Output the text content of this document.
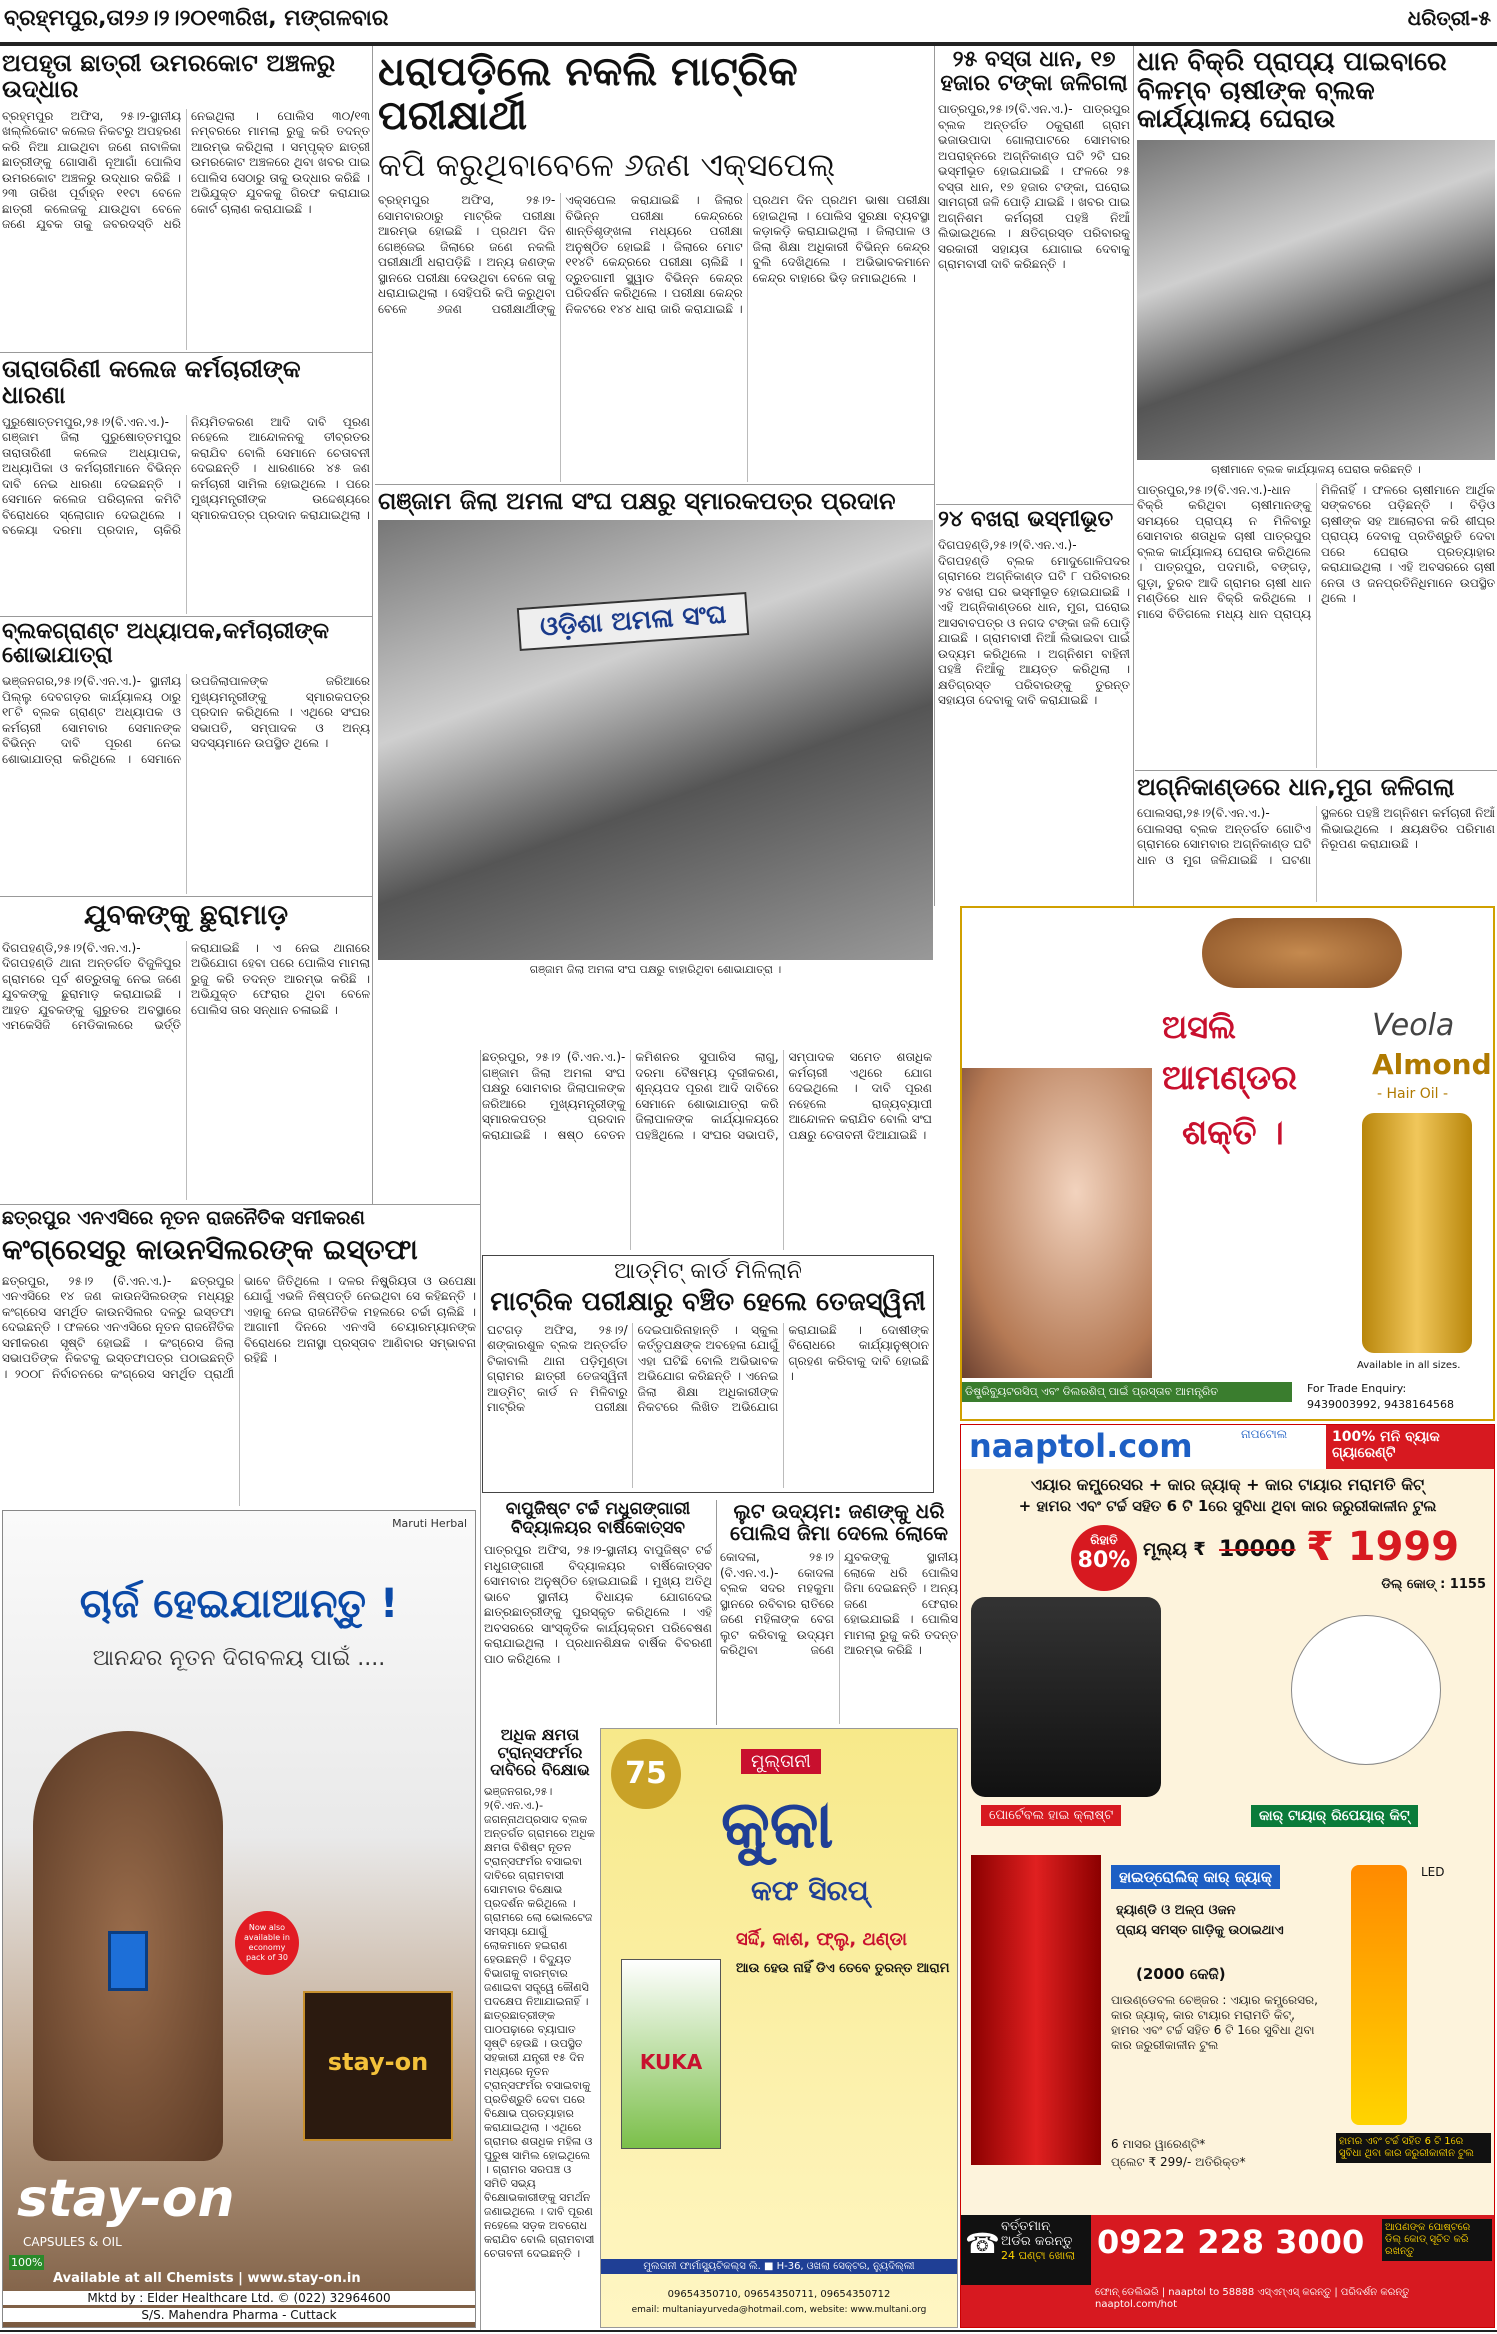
ବ୍ରହ୍ମପୁର,ତା୨୬।୨।୨୦୧୩ରିଖ, ମଙ୍ଗଳବାର	ଧରିତ୍ରୀ-୫
ଅପହୃତା ଛାତ୍ରୀ ଉମରକୋଟ ଅଞ୍ଚଳରୁ ଉଦ୍ଧାର
ବ୍ରହ୍ମପୁର ଅଫିସ, ୨୫।୨-ସ୍ଥାନୀୟ ଖଲ୍ଲିକୋଟ କଲେଜ ନିକଟରୁ ଅପହରଣ କରି ନିଆ ଯାଇଥିବା ଜଣେ ନାବାଳିକା ଛାତ୍ରୀଙ୍କୁ ଗୋସାଣି ନୂଆଗାଁ ପୋଲିସ ଉମରକୋଟ ଅଞ୍ଚଳରୁ ଉଦ୍ଧାର କରିଛି । ୨୩ ତାରିଖ ପୂର୍ବାହ୍ନ ୧୧ଟା ବେଳେ ଛାତ୍ରୀ କଲେଜକୁ ଯାଉଥିବା ବେଳେ ଜଣେ ଯୁବକ ତାକୁ ଜବରଦସ୍ତି ଧରି ନେଇଥିଲା । ପୋଲିସ ୩୦/୧୩ ନମ୍ବରରେ ମାମଲା ରୁଜୁ କରି ତଦନ୍ତ ଆରମ୍ଭ କରିଥିଲା । ସମ୍ପୃକ୍ତ ଛାତ୍ରୀ ଉମରକୋଟ ଅଞ୍ଚଳରେ ଥିବା ଖବର ପାଇ ପୋଲିସ ସେଠାରୁ ତାକୁ ଉଦ୍ଧାର କରିଛି । ଅଭିଯୁକ୍ତ ଯୁବକକୁ ଗିରଫ କରାଯାଇ କୋର୍ଟ ଚାଲାଣ କରାଯାଇଛି ।
ତାରାତାରିଣୀ କଲେଜ କର୍ମଚାରୀଙ୍କ ଧାରଣା
ପୁରୁଷୋତ୍ତମପୁର,୨୫।୨(ବି.ଏନ.ଏ.)- ଗଞ୍ଜାମ ଜିଲା ପୁରୁଷୋତ୍ତମପୁର ତାରାତାରିଣୀ କଲେଜ ଅଧ୍ୟାପକ, ଅଧ୍ୟାପିକା ଓ କର୍ମଚାରୀମାନେ ବିଭିନ୍ନ ଦାବି ନେଇ ଧାରଣା ଦେଇଛନ୍ତି । ସେମାନେ କଲେଜ ପରିଚାଳନା କମିଟି ବିରୋଧରେ ସ୍ଲୋଗାନ ଦେଇଥିଲେ । ବକେୟା ଦରମା ପ୍ରଦାନ, ଚାକିରି ନିୟମିତକରଣ ଆଦି ଦାବି ପୂରଣ ନହେଲେ ଆନ୍ଦୋଳନକୁ ତୀବ୍ରତର କରାଯିବ ବୋଲି ସେମାନେ ଚେତାବନୀ ଦେଇଛନ୍ତି । ଧାରଣାରେ ୪୫ ଜଣ କର୍ମଚାରୀ ସାମିଲ ହୋଇଥିଲେ । ପରେ ମୁଖ୍ୟମନ୍ତ୍ରୀଙ୍କ ଉଦ୍ଦେଶ୍ୟରେ ସ୍ମାରକପତ୍ର ପ୍ରଦାନ କରାଯାଇଥିଲା ।
ବ୍ଲକଗ୍ରାଣ୍ଟ ଅଧ୍ୟାପକ,କର୍ମଚାରୀଙ୍କ ଶୋଭାଯାତ୍ରା
ଭଞ୍ଜନଗର,୨୫।୨(ବି.ଏନ.ଏ.)- ସ୍ଥାନୀୟ ପିଲ୍ଲୁ ଦେବଗଡ଼ର କାର୍ଯ୍ୟାଳୟ ଠାରୁ ୧୮ଟି ବ୍ଲକ ଗ୍ରାଣ୍ଟ ଅଧ୍ୟାପକ ଓ କର୍ମଚାରୀ ସୋମବାର ସେମାନଙ୍କ ବିଭିନ୍ନ ଦାବି ପୂରଣ ନେଇ ଶୋଭାଯାତ୍ରା କରିଥିଲେ । ସେମାନେ ଉପଜିଲାପାଳଙ୍କ ଜରିଆରେ ମୁଖ୍ୟମନ୍ତ୍ରୀଙ୍କୁ ସ୍ମାରକପତ୍ର ପ୍ରଦାନ କରିଥିଲେ । ଏଥିରେ ସଂଘର ସଭାପତି, ସମ୍ପାଦକ ଓ ଅନ୍ୟ ସଦସ୍ୟମାନେ ଉପସ୍ଥିତ ଥିଲେ ।
ଯୁବକଙ୍କୁ ଛୁରାମାଡ଼
ଦିଗପହଣ୍ଡି,୨୫।୨(ବି.ଏନ.ଏ.)- ଦିଗପହଣ୍ଡି ଥାନା ଅନ୍ତର୍ଗତ ବିଜୁଳିପୁର ଗ୍ରାମରେ ପୂର୍ବ ଶତ୍ରୁତାକୁ ନେଇ ଜଣେ ଯୁବକଙ୍କୁ ଛୁରାମାଡ଼ କରାଯାଇଛି । ଆହତ ଯୁବକଙ୍କୁ ଗୁରୁତର ଅବସ୍ଥାରେ ଏମକେସିଜି ମେଡିକାଲରେ ଭର୍ତ୍ତି କରାଯାଇଛି । ଏ ନେଇ ଥାନାରେ ଅଭିଯୋଗ ହେବା ପରେ ପୋଲିସ ମାମଲା ରୁଜୁ କରି ତଦନ୍ତ ଆରମ୍ଭ କରିଛି । ଅଭିଯୁକ୍ତ ଫେରାର ଥିବା ବେଳେ ପୋଲିସ ତାର ସନ୍ଧାନ ଚଳାଇଛି ।
ଛତ୍ରପୁର ଏନଏସିରେ ନୂତନ ରାଜନୈତିକ ସମୀକରଣ
କଂଗ୍ରେସରୁ କାଉନସିଲରଙ୍କ ଇସ୍ତଫା
ଛତ୍ରପୁର, ୨୫।୨ (ବି.ଏନ.ଏ.)- ଛତ୍ରପୁର ଏନଏସିରେ ୧୪ ଜଣ କାଉନସିଲରଙ୍କ ମଧ୍ୟରୁ କଂଗ୍ରେସ ସମର୍ଥିତ କାଉନସିଲର ଦଳରୁ ଇସ୍ତଫା ଦେଇଛନ୍ତି । ଫଳରେ ଏନଏସିରେ ନୂତନ ରାଜନୈତିକ ସମୀକରଣ ସୃଷ୍ଟି ହୋଇଛି । କଂଗ୍ରେସ ଜିଲା ସଭାପତିଙ୍କ ନିକଟକୁ ଇସ୍ତଫାପତ୍ର ପଠାଇଛନ୍ତି । ୨୦୦୮ ନିର୍ବାଚନରେ କଂଗ୍ରେସ ସମର୍ଥିତ ପ୍ରାର୍ଥୀ ଭାବେ ଜିତିଥିଲେ । ଦଳର ନିଷ୍କ୍ରିୟତା ଓ ଉପେକ୍ଷା ଯୋଗୁଁ ଏଭଳି ନିଷ୍ପତ୍ତି ନେଇଥିବା ସେ କହିଛନ୍ତି । ଏହାକୁ ନେଇ ରାଜନୈତିକ ମହଲରେ ଚର୍ଚ୍ଚା ଚାଲିଛି । ଆଗାମୀ ଦିନରେ ଏନଏସି ଚେୟାରମ୍ୟାନଙ୍କ ବିରୋଧରେ ଅନାସ୍ଥା ପ୍ରସ୍ତାବ ଆଣିବାର ସମ୍ଭାବନା ରହିଛି ।
Maruti Herbal
ଚାର୍ଜ ହେଇଯାଆନ୍ତୁ !
ଆନନ୍ଦର ନୂତନ ଦିଗବଳୟ ପାଇଁ ....
Now also available in economy pack of 30
stay-on
stay-on
CAPSULES & OIL
100%
Available at all Chemists | www.stay-on.in
Mktd by : Elder Healthcare Ltd. © (022) 32964600
S/S. Mahendra Pharma - Cuttack
ଧରାପଡ଼ିଲେ ନକଲି ମାଟ୍ରିକ ପରୀକ୍ଷାର୍ଥୀ
କପି କରୁଥିବାବେଳେ ୬ଜଣ ଏକ୍ସପେଲ୍
ବ୍ରହ୍ମପୁର ଅଫିସ, ୨୫।୨- ସୋମବାରଠାରୁ ମାଟ୍ରିକ ପରୀକ୍ଷା ଆରମ୍ଭ ହୋଇଛି । ପ୍ରଥମ ଦିନ ଗେଞ୍ଜେଇ ଜିଲାରେ ଜଣେ ନକଲି ପରୀକ୍ଷାର୍ଥୀ ଧରାପଡ଼ିଛି । ଅନ୍ୟ ଜଣଙ୍କ ସ୍ଥାନରେ ପରୀକ୍ଷା ଦେଉଥିବା ବେଳେ ତାକୁ ଧରାଯାଇଥିଲା । ସେହିପରି କପି କରୁଥିବା ବେଳେ ୬ଜଣ ପରୀକ୍ଷାର୍ଥୀଙ୍କୁ ଏକ୍ସପେଲ କରାଯାଇଛି । ଜିଲାର ବିଭିନ୍ନ ପରୀକ୍ଷା କେନ୍ଦ୍ରରେ ଶାନ୍ତିଶୃଙ୍ଖଳା ମଧ୍ୟରେ ପରୀକ୍ଷା ଅନୁଷ୍ଠିତ ହୋଇଛି । ଜିଲାରେ ମୋଟ ୧୧୪ଟି କେନ୍ଦ୍ରରେ ପରୀକ୍ଷା ଚାଲିଛି । ଦ୍ରୁତଗାମୀ ସ୍କ୍ୱାଡ ବିଭିନ୍ନ କେନ୍ଦ୍ର ପରିଦର୍ଶନ କରିଥିଲେ । ପରୀକ୍ଷା କେନ୍ଦ୍ର ନିକଟରେ ୧୪୪ ଧାରା ଜାରି କରାଯାଇଛି । ପ୍ରଥମ ଦିନ ପ୍ରଥମ ଭାଷା ପରୀକ୍ଷା ହୋଇଥିଲା । ପୋଲିସ ସୁରକ୍ଷା ବ୍ୟବସ୍ଥା କଡ଼ାକଡ଼ି କରାଯାଇଥିଲା । ଜିଲାପାଳ ଓ ଜିଲା ଶିକ୍ଷା ଅଧିକାରୀ ବିଭିନ୍ନ କେନ୍ଦ୍ର ବୁଲି ଦେଖିଥିଲେ । ଅଭିଭାବକମାନେ କେନ୍ଦ୍ର ବାହାରେ ଭିଡ଼ ଜମାଇଥିଲେ ।
ଗଞ୍ଜାମ ଜିଲା ଅମଳା ସଂଘ ପକ୍ଷରୁ ସ୍ମାରକପତ୍ର ପ୍ରଦାନ
ଓଡ଼ିଶା ଅମଳା ସଂଘ
ଗଞ୍ଜାମ ଜିଲା ଅମଳା ସଂଘ ପକ୍ଷରୁ ବାହାରିଥିବା ଶୋଭାଯାତ୍ରା ।
ଛତ୍ରପୁର, ୨୫।୨ (ବି.ଏନ.ଏ.)- ଗଞ୍ଜାମ ଜିଲା ଅମଳା ସଂଘ ପକ୍ଷରୁ ସୋମବାର ଜିଲାପାଳଙ୍କ ଜରିଆରେ ମୁଖ୍ୟମନ୍ତ୍ରୀଙ୍କୁ ସ୍ମାରକପତ୍ର ପ୍ରଦାନ କରାଯାଇଛି । ଷଷ୍ଠ ବେତନ କମିଶନର ସୁପାରିସ ଲାଗୁ, ଦରମା ବୈଷମ୍ୟ ଦୂରୀକରଣ, ଶୂନ୍ୟପଦ ପୂରଣ ଆଦି ଦାବିରେ ସେମାନେ ଶୋଭାଯାତ୍ରା କରି ଜିଲାପାଳଙ୍କ କାର୍ଯ୍ୟାଳୟରେ ପହଞ୍ଚିଥିଲେ । ସଂଘର ସଭାପତି, ସମ୍ପାଦକ ସମେତ ଶତାଧିକ କର୍ମଚାରୀ ଏଥିରେ ଯୋଗ ଦେଇଥିଲେ । ଦାବି ପୂରଣ ନହେଲେ ରାଜ୍ୟବ୍ୟାପୀ ଆନ୍ଦୋଳନ କରାଯିବ ବୋଲି ସଂଘ ପକ୍ଷରୁ ଚେତାବନୀ ଦିଆଯାଇଛି ।
ଆଡ୍‌ମିଟ୍ କାର୍ଡ ମିଳିଲାନି
ମାଟ୍ରିକ ପରୀକ୍ଷାରୁ ବଞ୍ଚିତ ହେଲେ ତେଜସ୍ୱିନୀ
ଘଟଗଡ଼ ଅଫିସ, ୨୫।୨/ ଶଙ୍କାରଶୁଳ ବ୍ଲକ ଅନ୍ତର୍ଗତ ଟିକାବାଲି ଥାନା ପଡ଼ିମୁଣ୍ଡା ଗ୍ରାମର ଛାତ୍ରୀ ତେଜସ୍ୱିନୀ ଆଡ୍‌ମିଟ୍ କାର୍ଡ ନ ମିଳିବାରୁ ମାଟ୍ରିକ ପରୀକ୍ଷା ଦେଇପାରିନାହାନ୍ତି । ସ୍କୁଲ କର୍ତ୍ତୃପକ୍ଷଙ୍କ ଅବହେଳା ଯୋଗୁଁ ଏହା ଘଟିଛି ବୋଲି ଅଭିଭାବକ ଅଭିଯୋଗ କରିଛନ୍ତି । ଏନେଇ ଜିଲା ଶିକ୍ଷା ଅଧିକାରୀଙ୍କ ନିକଟରେ ଲିଖିତ ଅଭିଯୋଗ କରାଯାଇଛି । ଦୋଷୀଙ୍କ ବିରୋଧରେ କାର୍ଯ୍ୟାନୁଷ୍ଠାନ ଗ୍ରହଣ କରିବାକୁ ଦାବି ହୋଇଛି ।
ବାପୁଜିଷ୍ଟ ଟର୍ଚ୍ଚ ମଧୁଗଙ୍ଗାରୀ ବିଦ୍ୟାଳୟର ବାର୍ଷିକୋତ୍ସବ
ପାତ୍ରପୁର ଅଫିସ, ୨୫।୨-ସ୍ଥାନୀୟ ବାପୁଜିଷ୍ଟ ଟର୍ଚ୍ଚ ମଧୁଗଙ୍ଗାରୀ ବିଦ୍ୟାଳୟର ବାର୍ଷିକୋତ୍ସବ ସୋମବାର ଅନୁଷ୍ଠିତ ହୋଇଯାଇଛି । ମୁଖ୍ୟ ଅତିଥି ଭାବେ ସ୍ଥାନୀୟ ବିଧାୟକ ଯୋଗଦେଇ ଛାତ୍ରଛାତ୍ରୀଙ୍କୁ ପୁରସ୍କୃତ କରିଥିଲେ । ଏହି ଅବସରରେ ସାଂସ୍କୃତିକ କାର୍ଯ୍ୟକ୍ରମ ପରିବେଷଣ କରାଯାଇଥିଲା । ପ୍ରଧାନଶିକ୍ଷକ ବାର୍ଷିକ ବିବରଣୀ ପାଠ କରିଥିଲେ ।
ଅଧିକ କ୍ଷମତା ଟ୍ରାନ୍ସଫର୍ମର ଦାବିରେ ବିକ୍ଷୋଭ
ଭଞ୍ଜନଗର,୨୫।୨(ବି.ଏନ.ଏ.)- ଜଗନ୍ନାଥପ୍ରସାଦ ବ୍ଲକ ଅନ୍ତର୍ଗତ ଗ୍ରାମରେ ଅଧିକ କ୍ଷମତା ବିଶିଷ୍ଟ ନୂତନ ଟ୍ରାନ୍ସଫର୍ମର ବସାଇବା ଦାବିରେ ଗ୍ରାମବାସୀ ସୋମବାର ବିକ୍ଷୋଭ ପ୍ରଦର୍ଶନ କରିଥିଲେ । ଗ୍ରାମରେ ଲୋ ଭୋଲଟେଜ ସମସ୍ୟା ଯୋଗୁଁ ଲୋକମାନେ ହଇରାଣ ହେଉଛନ୍ତି । ବିଦ୍ୟୁତ ବିଭାଗକୁ ବାରମ୍ବାର ଜଣାଇବା ସତ୍ତ୍ୱେ କୌଣସି ପଦକ୍ଷେପ ନିଆଯାଇନାହିଁ । ଛାତ୍ରଛାତ୍ରୀଙ୍କ ପାଠପଢ଼ାରେ ବ୍ୟାଘାତ ସୃଷ୍ଟି ହେଉଛି । ଉପସ୍ଥିତ ସହକାରୀ ଯନ୍ତ୍ରୀ ୧୫ ଦିନ ମଧ୍ୟରେ ନୂତନ ଟ୍ରାନ୍ସଫର୍ମର ବସାଇବାକୁ ପ୍ରତିଶ୍ରୁତି ଦେବା ପରେ ବିକ୍ଷୋଭ ପ୍ରତ୍ୟାହାର କରାଯାଇଥିଲା । ଏଥିରେ ଗ୍ରାମର ଶତାଧିକ ମହିଳା ଓ ପୁରୁଷ ସାମିଲ ହୋଇଥିଲେ । ଗ୍ରାମର ସରପଞ୍ଚ ଓ ସମିତି ସଭ୍ୟ ବିକ୍ଷୋଭକାରୀଙ୍କୁ ସମର୍ଥନ ଜଣାଇଥିଲେ । ଦାବି ପୂରଣ ନହେଲେ ସଡ଼କ ଅବରୋଧ କରାଯିବ ବୋଲି ଗ୍ରାମବାସୀ ଚେତାବନୀ ଦେଇଛନ୍ତି ।
ଲୁଟ ଉଦ୍ୟମ: ଜଣଙ୍କୁ ଧରି ପୋଲିସ ଜିମା ଦେଲେ ଲୋକେ
କୋଦଳା, ୨୫।୨ (ବି.ଏନ.ଏ.)- କୋଦଳା ବ୍ଲକ ସଦର ମହକୁମା ସ୍ଥାନରେ ରବିବାର ରାତିରେ ଜଣେ ମହିଳାଙ୍କ ବେଗ ଲୁଟ କରିବାକୁ ଉଦ୍ୟମ କରିଥିବା ଜଣେ ଯୁବକଙ୍କୁ ସ୍ଥାନୀୟ ଲୋକେ ଧରି ପୋଲିସ ଜିମା ଦେଇଛନ୍ତି । ଅନ୍ୟ ଜଣେ ଫେରାର ହୋଇଯାଇଛି । ପୋଲିସ ମାମଲା ରୁଜୁ କରି ତଦନ୍ତ ଆରମ୍ଭ କରିଛି ।
75	ମୁଲ୍ତାନୀ
କୁକା
କଫ ସିରପ୍
ସର୍ଦ୍ଦି, କାଶ, ଫ୍ଲୁ, ଥଣ୍ଡା
ଆଉ ହେଉ ନାହିଁ ଡିଏ ତେବେ ତୁରନ୍ତ ଆରାମ
KUKA
ମୁଲତାନୀ ଫାର୍ମାସ୍ୟୁଟିକଲ୍ସ ଲି. ■ H-36, ଓଖଲା ସେକ୍ଟର, ନ୍ୟୁଦିଲ୍ଲୀ
09654350710, 09654350711, 09654350712
email: multaniayurveda@hotmail.com, website: www.multani.org
୨୫ ବସ୍ତା ଧାନ, ୧୭ ହଜାର ଟଙ୍କା ଜଳିଗଲା
ପାତ୍ରପୁର,୨୫।୨(ବି.ଏନ.ଏ.)- ପାତ୍ରପୁର ବ୍ଲକ ଅନ୍ତର୍ଗତ ଠକୁରାଣୀ ଗ୍ରାମ ଭଜାଉପାଦା ଗୋଲାପାଟରେ ସୋମବାର ଅପରାହ୍ନରେ ଅଗ୍ନିକାଣ୍ଡ ଘଟି ୨ଟି ଘର ଭସ୍ମୀଭୂତ ହୋଇଯାଇଛି । ଫଳରେ ୨୫ ବସ୍ତା ଧାନ, ୧୭ ହଜାର ଟଙ୍କା, ଘରୋଇ ସାମଗ୍ରୀ ଜଳି ପୋଡ଼ି ଯାଇଛି । ଖବର ପାଇ ଅଗ୍ନିଶମ କର୍ମଚାରୀ ପହଞ୍ଚି ନିଆଁ ଲିଭାଇଥିଲେ । କ୍ଷତିଗ୍ରସ୍ତ ପରିବାରକୁ ସରକାରୀ ସହାୟତା ଯୋଗାଇ ଦେବାକୁ ଗ୍ରାମବାସୀ ଦାବି କରିଛନ୍ତି ।
୨୪ ବଖରା ଭସ୍ମୀଭୂତ
ଦିଗପହଣ୍ଡି,୨୫।୨(ବି.ଏନ.ଏ.)- ଦିଗପହଣ୍ଡି ବ୍ଲକ ମୋଦୁଗୋଳିପଦର ଗ୍ରାମରେ ଅଗ୍ନିକାଣ୍ଡ ଘଟି ୮ ପରିବାରର ୨୪ ବଖରା ଘର ଭସ୍ମୀଭୂତ ହୋଇଯାଇଛି । ଏହି ଅଗ୍ନିକାଣ୍ଡରେ ଧାନ, ମୁଗ, ଘରୋଇ ଆସବାବପତ୍ର ଓ ନଗଦ ଟଙ୍କା ଜଳି ପୋଡ଼ି ଯାଇଛି । ଗ୍ରାମବାସୀ ନିଆଁ ଲିଭାଇବା ପାଇଁ ଉଦ୍ୟମ କରିଥିଲେ । ଅଗ୍ନିଶମ ବାହିନୀ ପହଞ୍ଚି ନିଆଁକୁ ଆୟତ୍ତ କରିଥିଲା । କ୍ଷତିଗ୍ରସ୍ତ ପରିବାରଙ୍କୁ ତୁରନ୍ତ ସହାୟତା ଦେବାକୁ ଦାବି କରାଯାଇଛି ।
ଧାନ ବିକ୍ରି ପ୍ରାପ୍ୟ ପାଇବାରେ ବିଳମ୍ବ ଚାଷୀଙ୍କ ବ୍ଲକ କାର୍ଯ୍ୟାଳୟ ଘେରାଉ
ଚାଷୀମାନେ ବ୍ଲକ କାର୍ଯ୍ୟାଳୟ ଘେରାଉ କରିଛନ୍ତି ।
ପାତ୍ରପୁର,୨୫।୨(ବି.ଏନ.ଏ.)-ଧାନ ବିକ୍ରି କରିଥିବା ଚାଷୀମାନଙ୍କୁ ସମୟରେ ପ୍ରାପ୍ୟ ନ ମିଳିବାରୁ ସୋମବାର ଶତାଧିକ ଚାଷୀ ପାତ୍ରପୁର ବ୍ଲକ କାର୍ଯ୍ୟାଳୟ ଘେରାଉ କରିଥିଲେ । ପାତ୍ରପୁର, ପଦମାରି, ବଙ୍ଗଡ଼, ଗୁଡ଼ା, ତୁରବ ଆଦି ଗ୍ରାମର ଚାଷୀ ଧାନ ମଣ୍ଡିରେ ଧାନ ବିକ୍ରି କରିଥିଲେ । ମାସେ ବିତିଗଲେ ମଧ୍ୟ ଧାନ ପ୍ରାପ୍ୟ ମିଳିନାହିଁ । ଫଳରେ ଚାଷୀମାନେ ଆର୍ଥିକ ସଙ୍କଟରେ ପଡ଼ିଛନ୍ତି । ବିଡ଼ିଓ ଚାଷୀଙ୍କ ସହ ଆଲୋଚନା କରି ଶୀଘ୍ର ପ୍ରାପ୍ୟ ଦେବାକୁ ପ୍ରତିଶ୍ରୁତି ଦେବା ପରେ ଘେରାଉ ପ୍ରତ୍ୟାହାର କରାଯାଇଥିଲା । ଏହି ଅବସରରେ ଚାଷୀ ନେତା ଓ ଜନପ୍ରତିନିଧିମାନେ ଉପସ୍ଥିତ ଥିଲେ ।
ଅଗ୍ନିକାଣ୍ଡରେ ଧାନ,ମୁଗ ଜଳିଗଲା
ପୋଲସରା,୨୫।୨(ବି.ଏନ.ଏ.)- ପୋଲସରା ବ୍ଲକ ଅନ୍ତର୍ଗତ ଗୋଟିଏ ଗ୍ରାମରେ ସୋମବାର ଅଗ୍ନିକାଣ୍ଡ ଘଟି ଧାନ ଓ ମୁଗ ଜଳିଯାଇଛି । ଘଟଣା ସ୍ଥଳରେ ପହଞ୍ଚି ଅଗ୍ନିଶମ କର୍ମଚାରୀ ନିଆଁ ଲିଭାଇଥିଲେ । କ୍ଷୟକ୍ଷତିର ପରିମାଣ ନିରୂପଣ କରାଯାଉଛି ।
ଅସଲି
ଆମଣ୍ଡର
ଶକ୍ତି ।
Veola
Almond
- Hair Oil -
Available in all sizes.
ଡିଷ୍ଟ୍ରିବ୍ୟୁଟରସିପ୍ ଏବଂ ଡିଲରଶିପ୍ ପାଇଁ ପ୍ରସ୍ତାବ ଆମନ୍ତ୍ରିତ	For Trade Enquiry:
9439003992, 9438164568
naaptol.com	ନାପଟୋଲ	100% ମନି ବ୍ୟାକ ଗ୍ୟାରେଣ୍ଟି
ଏୟାର କମ୍ପ୍ରେସର + କାର ଜ୍ୟାକ୍ + କାର ଟାୟାର ମରାମତି କିଟ୍
+ ହାମର ଏବଂ ଟର୍ଚ୍ଚ ସହିତ 6 ଟି 1ରେ ସୁବିଧା ଥିବା କାର ଜରୁରୀକାଳୀନ ଟୁଲ
ରିହାତି
80% ମୂଲ୍ୟ ₹ 10000 ₹ 1999
ଡିଲ୍ କୋଡ୍ : 1155
ପୋର୍ଟେବଲ ହାଇ କ୍ଲାଷ୍ଟ	କାର୍ ଟାୟାର୍ ରିପେୟାର୍ କିଟ୍
ହାଇଡ୍ରୋଲିକ୍ କାର୍ ଜ୍ୟାକ୍
ହ୍ୟାଣ୍ଡି ଓ ଅଳ୍ପ ଓଜନ
ପ୍ରାୟ ସମସ୍ତ ଗାଡ଼ିକୁ ଉଠାଇଥାଏ
(2000 କେଜି)
ପାଉଣ୍ଡେବଲ ଚେଞ୍ଜର : ଏୟାର କମ୍ପ୍ରେସର, କାର ଜ୍ୟାକ୍, କାର ଟାୟାର ମରାମତି କିଟ୍, ହାମର ଏବଂ ଟର୍ଚ୍ଚ ସହିତ 6 ଟି 1ରେ ସୁବିଧା ଥିବା କାର ଜରୁରୀକାଳୀନ ଟୁଲ
6 ମାସର ୱାରେଣ୍ଟି*
ପ୍ଲେଟ ₹ 299/- ଅତିରିକ୍ତ*
LED
ହାମର ଏବଂ ଟର୍ଚ୍ଚ ସହିତ 6 ଟି 1ରେ ସୁବିଧା ଥିବା କାର ଜରୁରୀକାଳୀନ ଟୁଲ
☎
ବର୍ତ୍ତମାନ୍
ଅର୍ଡର କରନ୍ତୁ
24 ଘଣ୍ଟା ଖୋଲା 0922 228 3000	ଆପଣଙ୍କ ପୋଷ୍ଟରେ ଡିଲ୍ କୋଡ୍ ସୂଚିତ କରି ରଖନ୍ତୁ
ଫୋନ୍ ଡେଲିଭରି | naaptol to 58888 ଏସ୍‌ଏମ୍‌ଏସ୍ କରନ୍ତୁ | ପରିଦର୍ଶନ କରନ୍ତୁ naaptol.com/hot
